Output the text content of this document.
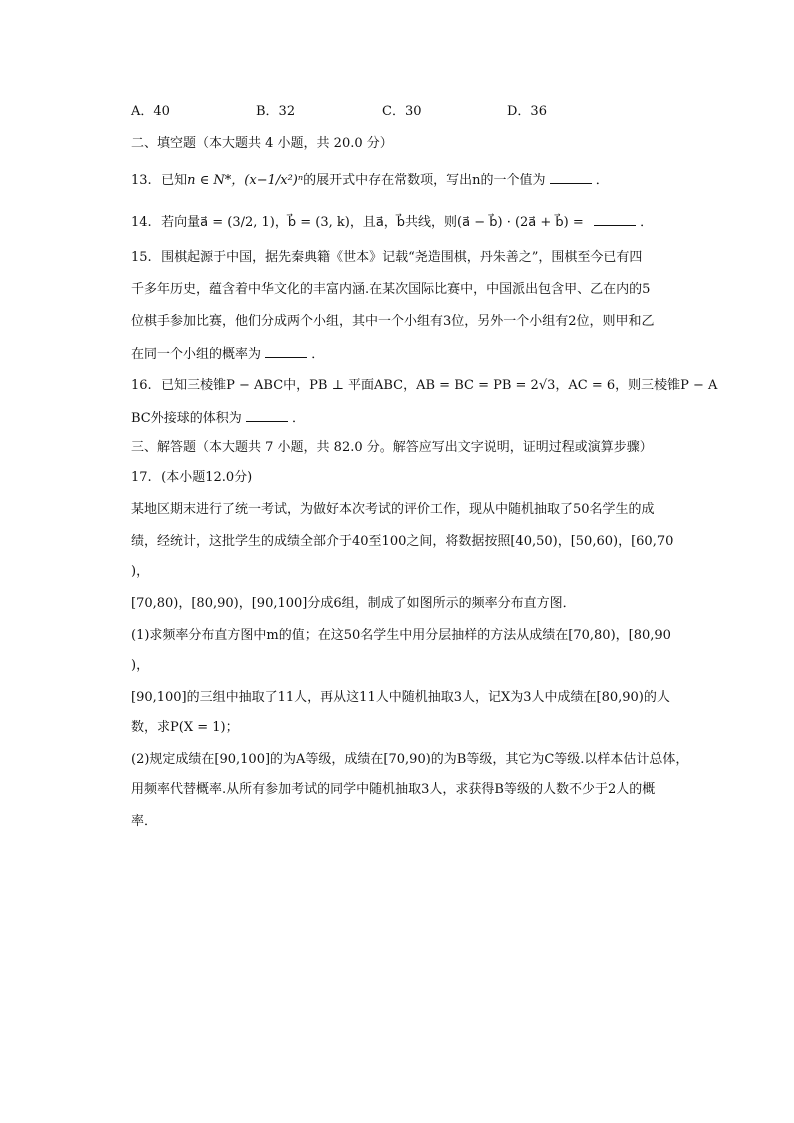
A．40	B．32	C．30	D．36
二、填空题（本大题共 4 小题，共 20.0 分）
13. 已知n ∈ N*，(x−1/x²)ⁿ的展开式中存在常数项，写出n的一个值为	．
14. 若向量a⃗ = (3/2, 1)，b⃗ = (3, k)，且a⃗，b⃗共线，则(a⃗ − b⃗) · (2a⃗ + b⃗) =	．
15. 围棋起源于中国，据先秦典籍《世本》记载“尧造围棋，丹朱善之”，围棋至今已有四
千多年历史，蕴含着中华文化的丰富内涵.在某次国际比赛中，中国派出包含甲、乙在内的5
位棋手参加比赛，他们分成两个小组，其中一个小组有3位，另外一个小组有2位，则甲和乙
在同一个小组的概率为	．
16. 已知三棱锥P − ABC中，PB ⊥ 平面ABC，AB = BC = PB = 2√3，AC = 6，则三棱锥P − A
BC外接球的体积为	．
三、解答题（本大题共 7 小题，共 82.0 分。解答应写出文字说明，证明过程或演算步骤）
17. (本小题12.0分)
某地区期末进行了统一考试，为做好本次考试的评价工作，现从中随机抽取了50名学生的成
绩，经统计，这批学生的成绩全部介于40至100之间，将数据按照[40,50)，[50,60)，[60,70
)，
[70,80)，[80,90)，[90,100]分成6组，制成了如图所示的频率分布直方图．
(1)求频率分布直方图中m的值；在这50名学生中用分层抽样的方法从成绩在[70,80)，[80,90
)，
[90,100]的三组中抽取了11人，再从这11人中随机抽取3人，记X为3人中成绩在[80,90)的人
数，求P(X = 1)；
(2)规定成绩在[90,100]的为A等级，成绩在[70,90)的为B等级，其它为C等级.以样本估计总体，
用频率代替概率.从所有参加考试的同学中随机抽取3人，求获得B等级的人数不少于2人的概
率．
